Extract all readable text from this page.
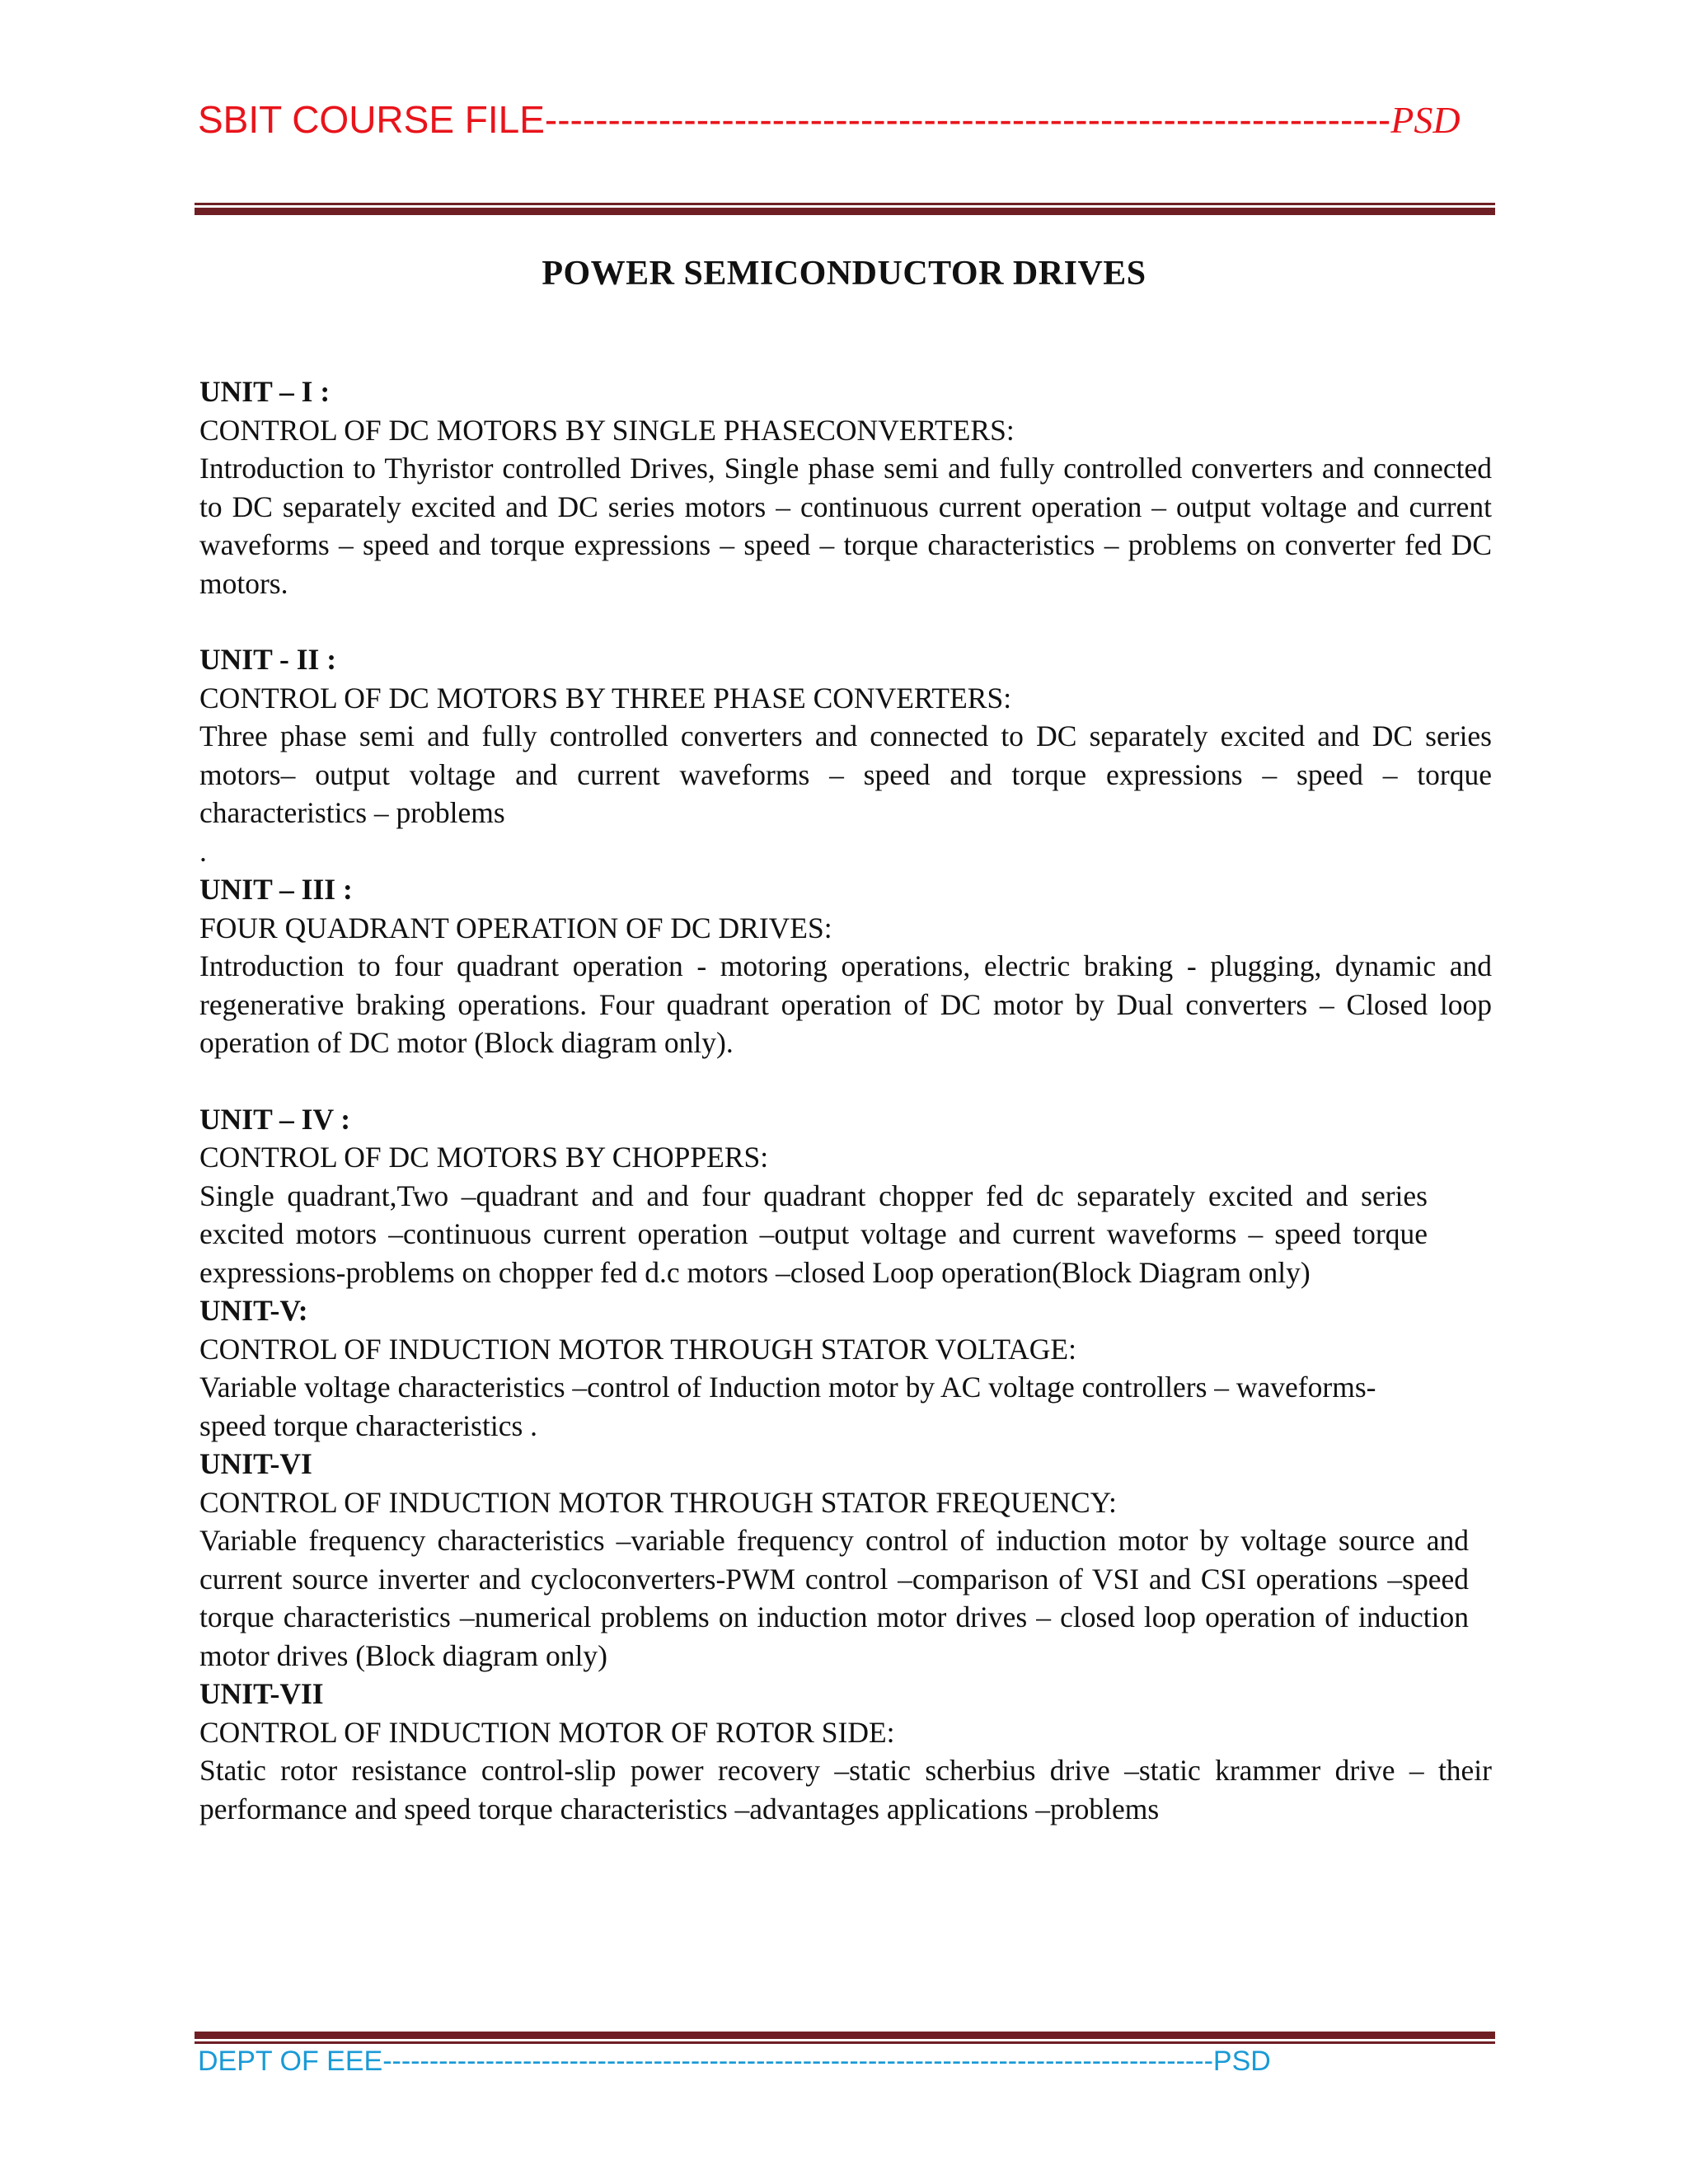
SBIT COURSE FILE-------------------------------------------------------------------PSD
POWER SEMICONDUCTOR DRIVES
UNIT – I :
CONTROL OF DC MOTORS BY SINGLE PHASECONVERTERS:
Introduction to Thyristor controlled Drives, Single phase semi and fully controlled converters and connected to DC separately excited and DC series motors – continuous current operation – output voltage and current waveforms – speed and torque expressions – speed – torque characteristics – problems on converter fed DC motors.
UNIT - II :
CONTROL OF DC MOTORS BY THREE PHASE CONVERTERS:
Three phase semi and fully controlled converters and connected to DC separately excited and DC series motors– output voltage and current waveforms – speed and torque expressions – speed – torque characteristics – problems
.
UNIT – III :
FOUR QUADRANT OPERATION OF DC DRIVES:
Introduction to four quadrant operation - motoring operations, electric braking - plugging, dynamic and regenerative braking operations. Four quadrant operation of DC motor by Dual converters – Closed loop operation of DC motor (Block diagram only).
UNIT – IV :
CONTROL OF DC MOTORS BY CHOPPERS:
Single quadrant,Two –quadrant and and four quadrant chopper fed dc separately excited and series excited motors –continuous current operation –output voltage and current waveforms – speed torque expressions-problems on chopper fed d.c motors –closed Loop operation(Block Diagram only)
UNIT-V:
CONTROL OF INDUCTION MOTOR THROUGH STATOR VOLTAGE:
Variable voltage characteristics –control of Induction motor by AC voltage controllers – waveforms-speed torque characteristics .
UNIT-VI
CONTROL OF INDUCTION MOTOR THROUGH STATOR FREQUENCY:
Variable frequency characteristics –variable frequency control of induction motor by voltage source and current source inverter and cycloconverters-PWM control –comparison of VSI and CSI operations –speed torque characteristics –numerical problems on induction motor drives – closed loop operation of induction motor drives (Block diagram only)
UNIT-VII
CONTROL OF INDUCTION MOTOR OF ROTOR SIDE:
Static rotor resistance control-slip power recovery –static scherbius drive –static krammer drive – their performance and speed torque characteristics –advantages applications –problems
DEPT OF EEE-----------------------------------------------------------------------------------------PSD
